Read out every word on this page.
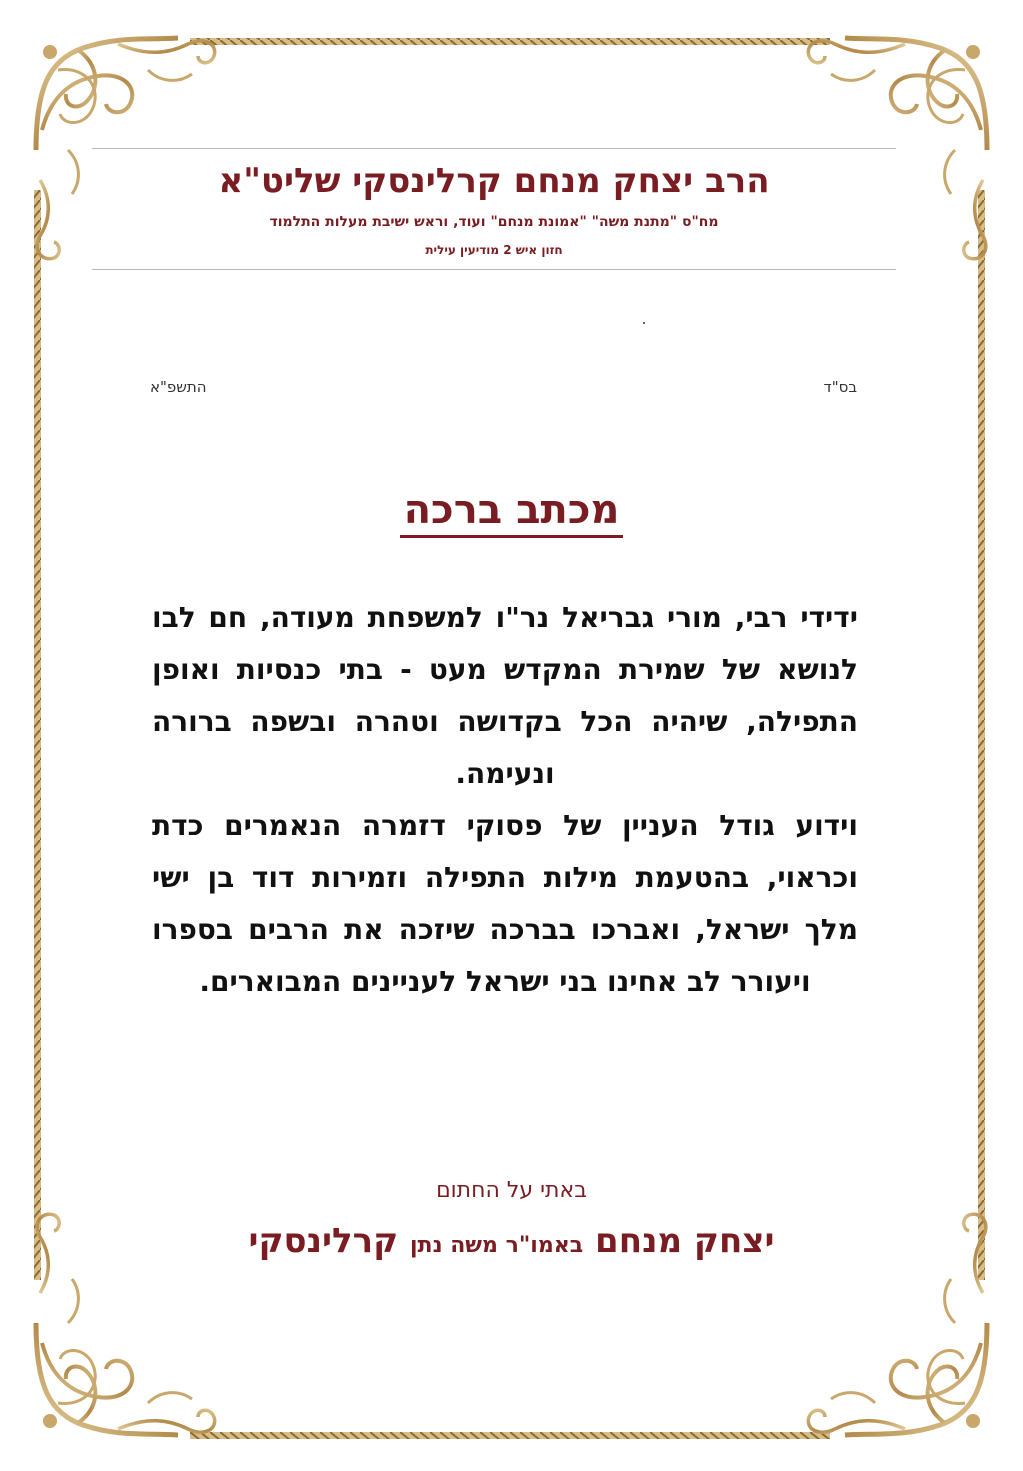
הרב יצחק מנחם קרלינסקי שליט"א
מח"ס "מתנת משה" "אמונת מנחם" ועוד, וראש ישיבת מעלות התלמוד
חזון איש 2 מודיעין עילית
בס"ד
התשפ"א
מכתב ברכה

ידידי רבי, מורי גבריאל נר"ו למשפחת מעודה, חם לבו לנושא של שמירת המקדש מעט - בתי כנסיות ואופן התפילה, שיהיה הכל בקדושה וטהרה ובשפה ברורה ונעימה.

וידוע גודל העניין של פסוקי דזמרה הנאמרים כדת וכראוי, בהטעמת מילות התפילה וזמירות דוד בן ישי מלך ישראל, ואברכו בברכה שיזכה את הרבים בספרו ויעורר לב אחינו בני ישראל לעניינים המבוארים.

באתי על החתום
יצחק מנחם באמו"ר משה נתן קרלינסקי
